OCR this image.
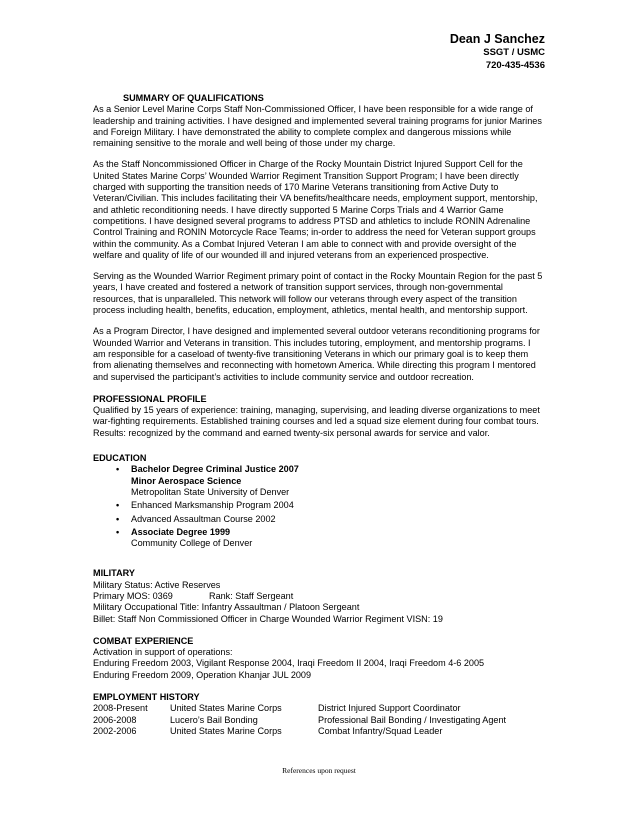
Dean J Sanchez
SSGT / USMC
720-435-4536
SUMMARY OF QUALIFICATIONS

As a Senior Level Marine Corps Staff Non-Commissioned Officer, I have been responsible for a wide range of leadership and training activities. I have designed and implemented several training programs for junior Marines and Foreign Military. I have demonstrated the ability to complete complex and dangerous missions while remaining sensitive to the morale and well being of those under my charge.

As the Staff Noncommissioned Officer in Charge of the Rocky Mountain District Injured Support Cell for the United States Marine Corps’ Wounded Warrior Regiment Transition Support Program; I have been directly charged with supporting the transition needs of 170 Marine Veterans transitioning from Active Duty to Veteran/Civilian. This includes facilitating their VA benefits/healthcare needs, employment support, mentorship, and athletic reconditioning needs. I have directly supported 5 Marine Corps Trials and 4 Warrior Game competitions. I have designed several programs to address PTSD and athletics to include RONIN Adrenaline Control Training and RONIN Motorcycle Race Teams; in-order to address the need for Veteran support groups within the community. As a Combat Injured Veteran I am able to connect with and provide oversight of the welfare and quality of life of our wounded ill and injured veterans from an experienced prospective.

Serving as the Wounded Warrior Regiment primary point of contact in the Rocky Mountain Region for the past 5 years, I have created and fostered a network of transition support services, through non-governmental resources, that is unparalleled. This network will follow our veterans through every aspect of the transition process including health, benefits, education, employment, athletics, mental health, and mentorship support.

As a Program Director, I have designed and implemented several outdoor veterans reconditioning programs for Wounded Warrior and Veterans in transition. This includes tutoring, employment, and mentorship programs. I am responsible for a caseload of twenty-five transitioning Veterans in which our primary goal is to keep them from alienating themselves and reconnecting with hometown America. While directing this program I mentored and supervised the participant’s activities to include community service and outdoor recreation.

PROFESSIONAL PROFILE

Qualified by 15 years of experience: training, managing, supervising, and leading diverse organizations to meet war-fighting requirements. Established training courses and led a squad size element during four combat tours. Results: recognized by the command and earned twenty-six personal awards for service and valor.

EDUCATION
• Bachelor Degree Criminal Justice 2007
Minor Aerospace Science
Metropolitan State University of Denver
• Enhanced Marksmanship Program 2004
• Advanced Assaultman Course 2002
• Associate Degree 1999
Community College of Denver
MILITARY
Military Status: Active Reserves
Primary MOS: 0369	Rank: Staff Sergeant
Military Occupational Title: Infantry Assaultman / Platoon Sergeant
Billet: Staff Non Commissioned Officer in Charge Wounded Warrior Regiment VISN: 19
COMBAT EXPERIENCE
Activation in support of operations:
Enduring Freedom 2003, Vigilant Response 2004, Iraqi Freedom II 2004, Iraqi Freedom 4-6 2005
Enduring Freedom 2009, Operation Khanjar JUL 2009
EMPLOYMENT HISTORY
2008-Present	United States Marine Corps	District Injured Support Coordinator
2006-2008	Lucero’s Bail Bonding	Professional Bail Bonding / Investigating Agent
2002-2006	United States Marine Corps	Combat Infantry/Squad Leader
References upon request
